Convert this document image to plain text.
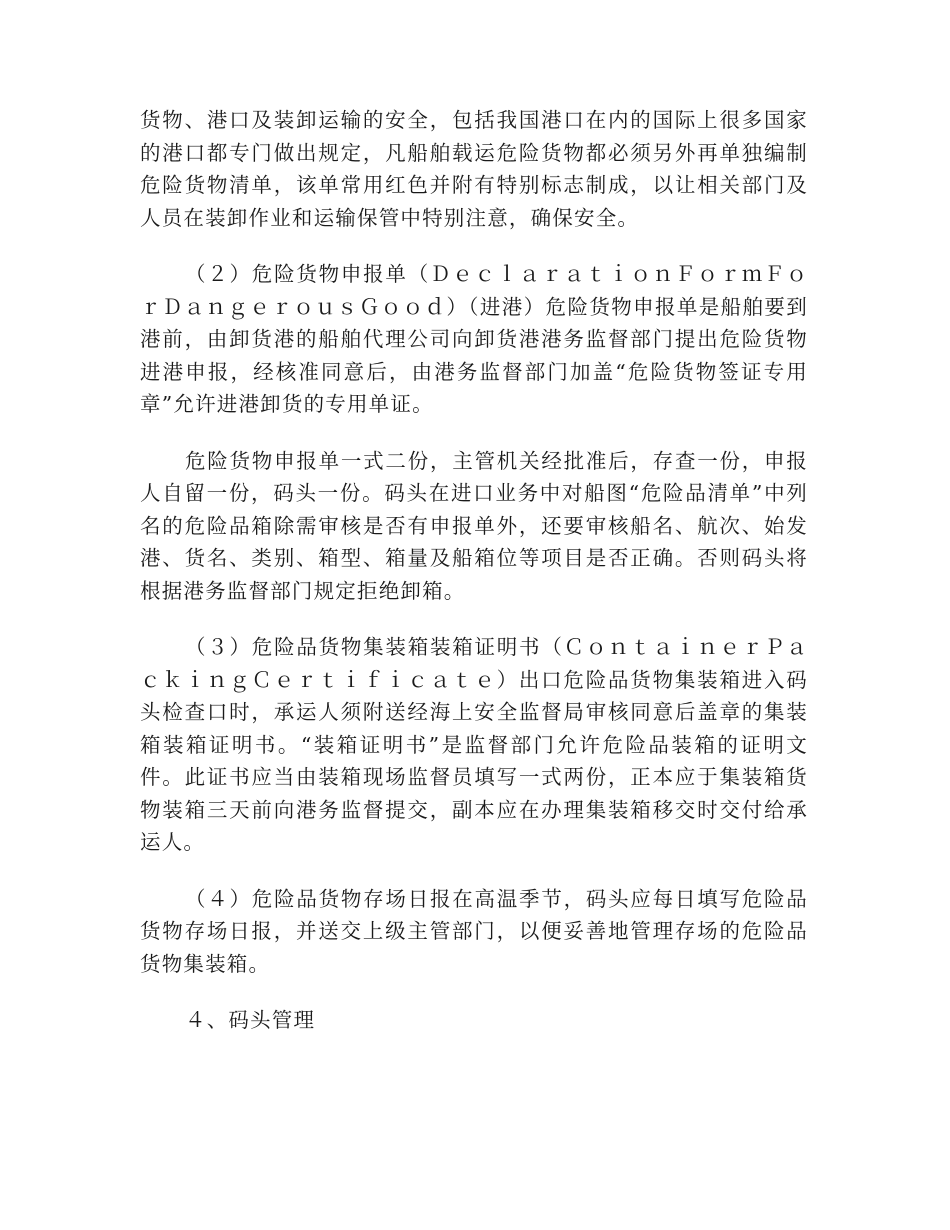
货物、港口及装卸运输的安全，包括我国港口在内的国际上很多国家的港口都专门做出规定，凡船舶载运危险货物都必须另外再单独编制危险货物清单，该单常用红色并附有特别标志制成，以让相关部门及人员在装卸作业和运输保管中特别注意，确保安全。

（２）危险货物申报单（ＤｅｃｌａｒａｔｉｏｎＦｏｒｍＦｏｒＤａｎｇｅｒｏｕｓＧｏｏｄ）（进港）危险货物申报单是船舶要到港前，由卸货港的船舶代理公司向卸货港港务监督部门提出危险货物进港申报，经核准同意后，由港务监督部门加盖“危险货物签证专用章”允许进港卸货的专用单证。

危险货物申报单一式二份，主管机关经批准后，存查一份，申报人自留一份，码头一份。码头在进口业务中对船图“危险品清单”中列名的危险品箱除需审核是否有申报单外，还要审核船名、航次、始发港、货名、类别、箱型、箱量及船箱位等项目是否正确。否则码头将根据港务监督部门规定拒绝卸箱。

（３）危险品货物集装箱装箱证明书（ＣｏｎｔａｉｎｅｒＰａｃｋｉｎｇＣｅｒｔｉｆｉｃａｔｅ）出口危险品货物集装箱进入码头检查口时，承运人须附送经海上安全监督局审核同意后盖章的集装箱装箱证明书。“装箱证明书”是监督部门允许危险品装箱的证明文件。此证书应当由装箱现场监督员填写一式两份，正本应于集装箱货物装箱三天前向港务监督提交，副本应在办理集装箱移交时交付给承运人。

（４）危险品货物存场日报在高温季节，码头应每日填写危险品货物存场日报，并送交上级主管部门，以便妥善地管理存场的危险品货物集装箱。

４、码头管理
